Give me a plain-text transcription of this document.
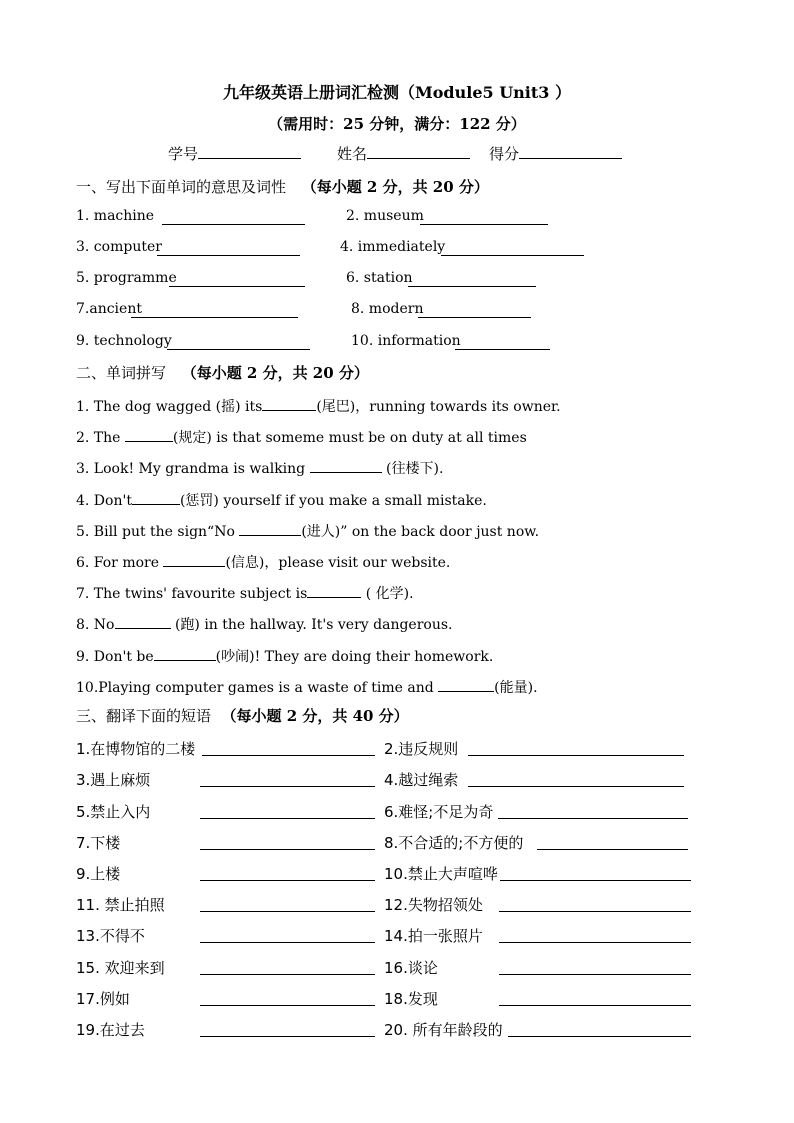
九年级英语上册词汇检测（Module5 Unit3 ）
（需用时：25 分钟，满分：122 分）
学号	姓名	得分
一、写出下面单词的意思及词性 （每小题 2 分，共 20 分）
1. machine	2. museum
3. computer	4. immediately
5. programme	6. station
7.ancient	8. modern
9. technology	10. information
二、单词拼写 （每小题 2 分，共 20 分）
1. The dog wagged (摇) its	(尾巴)，running towards its owner.
2. The	(规定) is that someme must be on duty at all times
3. Look! My grandma is walking	(往楼下).
4. Don't	(惩罚) yourself if you make a small mistake.
5. Bill put the sign“No	(进人)” on the back door just now.
6. For more	(信息)，please visit our website.
7. The twins' favourite subject is	( 化学).
8. No	(跑) in the hallway. It's very dangerous.
9. Don't be	(吵闹)! They are doing their homework.
10.Playing computer games is a waste of time and	(能量).
三、翻译下面的短语 （每小题 2 分，共 40 分）
1.在博物馆的二楼	2.违反规则
3.遇上麻烦	4.越过绳索
5.禁止入内	6.难怪;不足为奇
7.下楼	8.不合适的;不方便的
9.上楼	10.禁止大声喧哗
11. 禁止拍照	12.失物招领处
13.不得不	14.拍一张照片
15. 欢迎来到	16.谈论
17.例如	18.发现
19.在过去	20. 所有年龄段的
